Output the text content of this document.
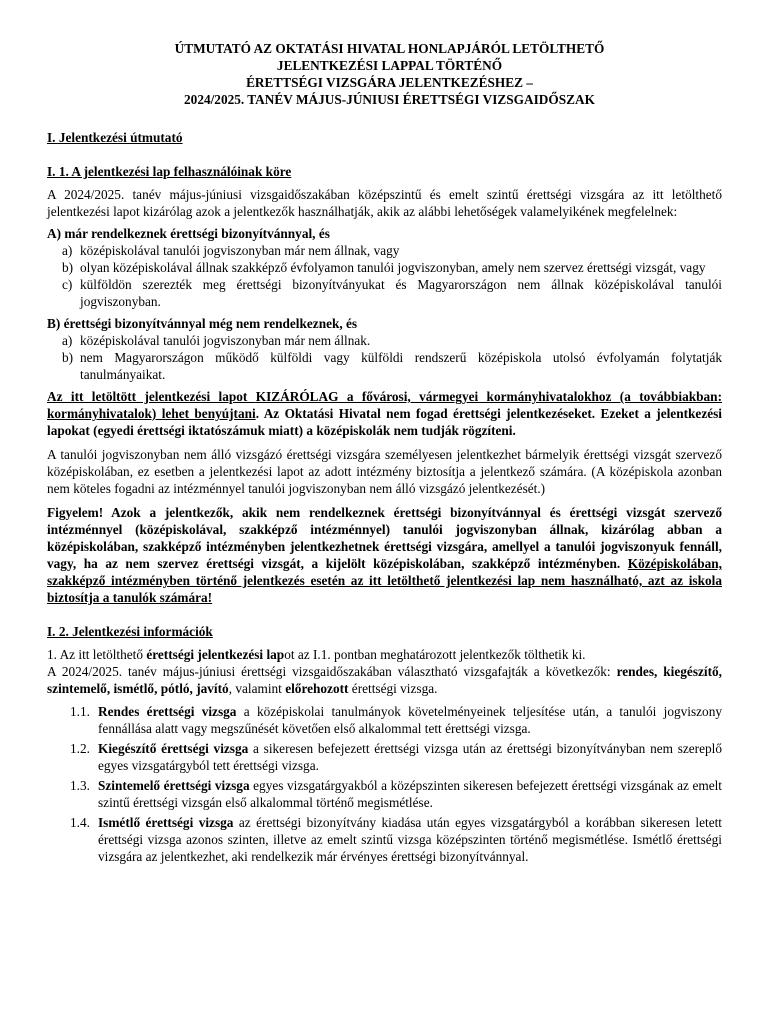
ÚTMUTATÓ AZ OKTATÁSI HIVATAL HONLAPJÁRÓL LETÖLTHETŐ
JELENTKEZÉSI LAPPAL TÖRTÉNŐ
ÉRETTSÉGI VIZSGÁRA JELENTKEZÉSHEZ –
2024/2025. TANÉV MÁJUS-JÚNIUSI ÉRETTSÉGI VIZSGAIDŐSZAK

I. Jelentkezési útmutató

I. 1. A jelentkezési lap felhasználóinak köre

A 2024/2025. tanév május-júniusi vizsgaidőszakában középszintű és emelt szintű érettségi vizsgára az itt letölthető jelentkezési lapot kizárólag azok a jelentkezők használhatják, akik az alábbi lehetőségek valamelyikének megfelelnek:

A) már rendelkeznek érettségi bizonyítvánnyal, és

a) középiskolával tanulói jogviszonyban már nem állnak, vagy
b) olyan középiskolával állnak szakképző évfolyamon tanulói jogviszonyban, amely nem szervez érettségi vizsgát, vagy
c) külföldön szerezték meg érettségi bizonyítványukat és Magyarországon nem állnak középiskolával tanulói jogviszonyban.

B) érettségi bizonyítvánnyal még nem rendelkeznek, és

a) középiskolával tanulói jogviszonyban már nem állnak.
b) nem Magyarországon működő külföldi vagy külföldi rendszerű középiskola utolsó évfolyamán folytatják tanulmányaikat.

Az itt letöltött jelentkezési lapot KIZÁRÓLAG a fővárosi, vármegyei kormányhivatalokhoz (a továbbiakban: kormányhivatalok) lehet benyújtani. Az Oktatási Hivatal nem fogad érettségi jelentkezéseket. Ezeket a jelentkezési lapokat (egyedi érettségi iktatószámuk miatt) a középiskolák nem tudják rögzíteni.

A tanulói jogviszonyban nem álló vizsgázó érettségi vizsgára személyesen jelentkezhet bármelyik érettségi vizsgát szervező középiskolában, ez esetben a jelentkezési lapot az adott intézmény biztosítja a jelentkező számára. (A középiskola azonban nem köteles fogadni az intézménnyel tanulói jogviszonyban nem álló vizsgázó jelentkezését.)

Figyelem! Azok a jelentkezők, akik nem rendelkeznek érettségi bizonyítvánnyal és érettségi vizsgát szervező intézménnyel (középiskolával, szakképző intézménnyel) tanulói jogviszonyban állnak, kizárólag abban a középiskolában, szakképző intézményben jelentkezhetnek érettségi vizsgára, amellyel a tanulói jogviszonyuk fennáll, vagy, ha az nem szervez érettségi vizsgát, a kijelölt középiskolában, szakképző intézményben. Középiskolában, szakképző intézményben történő jelentkezés esetén az itt letölthető jelentkezési lap nem használható, azt az iskola biztosítja a tanulók számára!

I. 2. Jelentkezési információk

1. Az itt letölthető érettségi jelentkezési lapot az I.1. pontban meghatározott jelentkezők tölthetik ki.

A 2024/2025. tanév május-júniusi érettségi vizsgaidőszakában választható vizsgafajták a következők: rendes, kiegészítő, szintemelő, ismétlő, pótló, javító, valamint előrehozott érettségi vizsga.

1.1. Rendes érettségi vizsga a középiskolai tanulmányok követelményeinek teljesítése után, a tanulói jogviszony fennállása alatt vagy megszűnését követően első alkalommal tett érettségi vizsga.
1.2. Kiegészítő érettségi vizsga a sikeresen befejezett érettségi vizsga után az érettségi bizonyítványban nem szereplő egyes vizsgatárgyból tett érettségi vizsga.
1.3. Szintemelő érettségi vizsga egyes vizsgatárgyakból a középszinten sikeresen befejezett érettségi vizsgának az emelt szintű érettségi vizsgán első alkalommal történő megismétlése.
1.4. Ismétlő érettségi vizsga az érettségi bizonyítvány kiadása után egyes vizsgatárgyból a korábban sikeresen letett érettségi vizsga azonos szinten, illetve az emelt szintű vizsga középszinten történő megismétlése. Ismétlő érettségi vizsgára az jelentkezhet, aki rendelkezik már érvényes érettségi bizonyítvánnyal.
